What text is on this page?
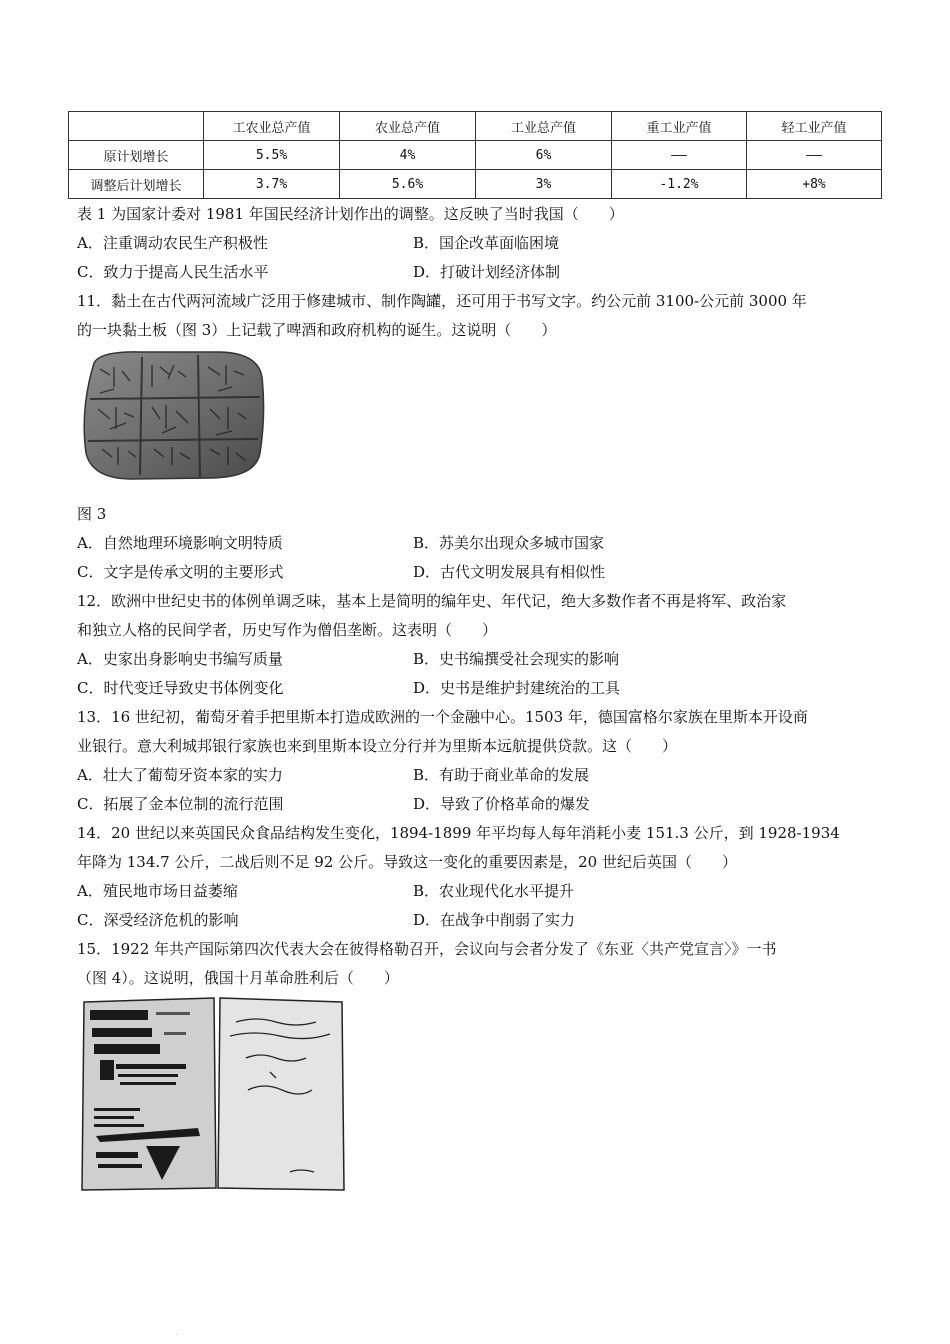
	工农业总产值	农业总产值	工业总产值	重工业产值	轻工业产值
原计划增长	5.5%	4%	6%	——	——
调整后计划增长	3.7%	5.6%	3%	-1.2%	+8%
表 1 为国家计委对 1981 年国民经济计划作出的调整。这反映了当时我国（　　）
A．注重调动农民生产积极性	B．国企改革面临困境
C．致力于提高人民生活水平	D．打破计划经济体制
11．黏土在古代两河流域广泛用于修建城市、制作陶罐，还可用于书写文字。约公元前 3100-公元前 3000 年
的一块黏土板（图 3）上记载了啤酒和政府机构的诞生。这说明（　　）
图 3
A．自然地理环境影响文明特质	B．苏美尔出现众多城市国家
C．文字是传承文明的主要形式	D．古代文明发展具有相似性
12．欧洲中世纪史书的体例单调乏味，基本上是简明的编年史、年代记，绝大多数作者不再是将军、政治家
和独立人格的民间学者，历史写作为僧侣垄断。这表明（　　）
A．史家出身影响史书编写质量	B．史书编撰受社会现实的影响
C．时代变迁导致史书体例变化	D．史书是维护封建统治的工具
13．16 世纪初，葡萄牙着手把里斯本打造成欧洲的一个金融中心。1503 年，德国富格尔家族在里斯本开设商
业银行。意大利城邦银行家族也来到里斯本设立分行并为里斯本远航提供贷款。这（　　）
A．壮大了葡萄牙资本家的实力	B．有助于商业革命的发展
C．拓展了金本位制的流行范围	D．导致了价格革命的爆发
14．20 世纪以来英国民众食品结构发生变化，1894-1899 年平均每人每年消耗小麦 151.3 公斤，到 1928-1934
年降为 134.7 公斤，二战后则不足 92 公斤。导致这一变化的重要因素是，20 世纪后英国（　　）
A．殖民地市场日益萎缩	B．农业现代化水平提升
C．深受经济危机的影响	D．在战争中削弱了实力
15．1922 年共产国际第四次代表大会在彼得格勒召开，会议向与会者分发了《东亚〈共产党宣言〉》一书
（图 4）。这说明，俄国十月革命胜利后（　　）
.
